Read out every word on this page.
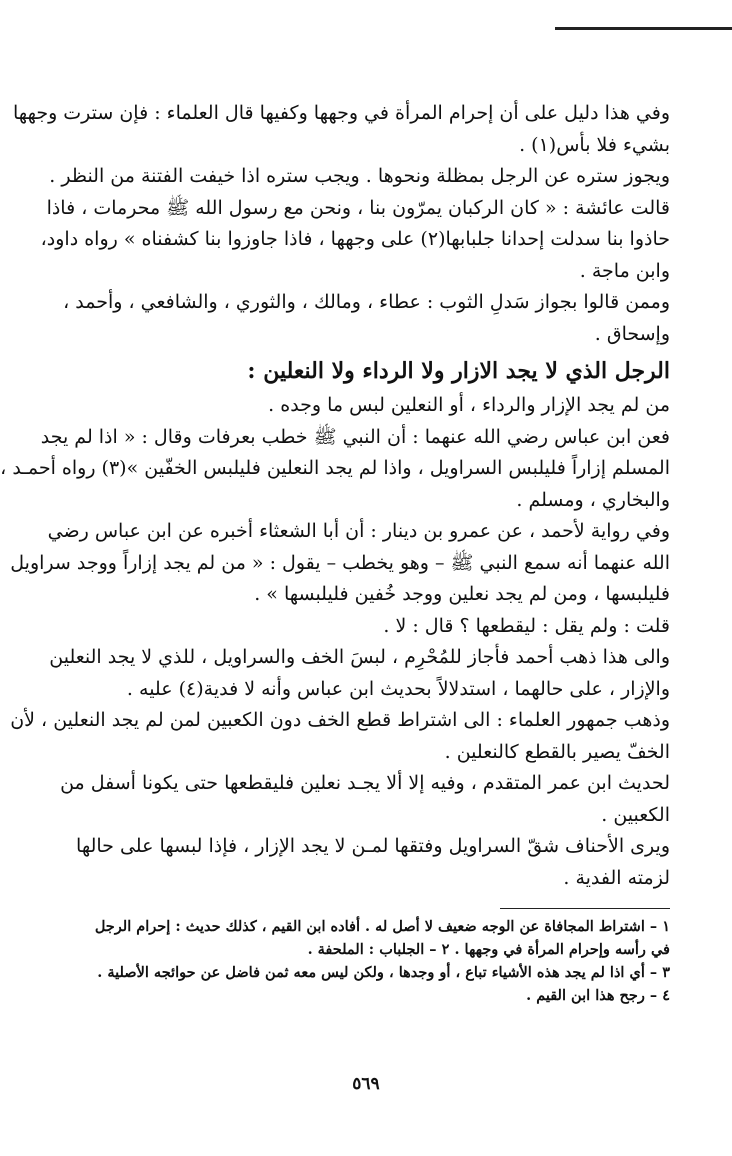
وفي هذا دليل على أن إحرام المرأة في وجهها وكفيها قال العلماء : فإن سترت وجهها
بشيء فلا بأس(١) .
ويجوز ستره عن الرجل بمظلة ونحوها . ويجب ستره اذا خيفت الفتنة من النظر .
قالت عائشة : « كان الركبان يمرّون بنا ، ونحن مع رسول الله ﷺ محرمات ، فاذا
حاذوا بنا سدلت إحدانا جلبابها(٢) على وجهها ، فاذا جاوزوا بنا كشفناه » رواه داود،
وابن ماجة .
وممن قالوا بجواز سَدلِ الثوب : عطاء ، ومالك ، والثوري ، والشافعي ، وأحمد ،
وإسحاق .
الرجل الذي لا يجد الازار ولا الرداء ولا النعلين :
من لم يجد الإزار والرداء ، أو النعلين لبس ما وجده .
فعن ابن عباس رضي الله عنهما : أن النبي ﷺ خطب بعرفات وقال : « اذا لم يجد
المسلم إزاراً فليلبس السراويل ، واذا لم يجد النعلين فليلبس الخفّين »(٣) رواه أحمـد ،
والبخاري ، ومسلم .
وفي رواية لأحمد ، عن عمرو بن دينار : أن أبا الشعثاء أخبره عن ابن عباس رضي
الله عنهما أنه سمع النبي ﷺ – وهو يخطب – يقول : « من لم يجد إزاراً ووجد سراويل
فليلبسها ، ومن لم يجد نعلين ووجد خُفين فليلبسها » .
قلت : ولم يقل : ليقطعها ؟ قال : لا .
والى هذا ذهب أحمد فأجاز للمُحْرِم ، لبسَ الخف والسراويل ، للذي لا يجد النعلين
والإزار ، على حالهما ، استدلالاً بحديث ابن عباس وأنه لا فدية(٤) عليه .
وذهب جمهور العلماء : الى اشتراط قطع الخف دون الكعبين لمن لم يجد النعلين ، لأن
الخفّ يصير بالقطع كالنعلين .
لحديث ابن عمر المتقدم ، وفيه إلا ألا يجـد نعلين فليقطعها حتى يكونا أسفل من
الكعبين .
ويرى الأحناف شقّ السراويل وفتقها لمـن لا يجد الإزار ، فإذا لبسها على حالها
لزمته الفدية .
١ – اشتراط المجافاة عن الوجه ضعيف لا أصل له . أفاده ابن القيم ، كذلك حديث : إحرام الرجل
في رأسه وإحرام المرأة في وجهها . ٢ – الجلباب : الملحفة .
٣ – أي اذا لم يجد هذه الأشياء تباع ، أو وجدها ، ولكن ليس معه ثمن فاضل عن حوائجه الأصلية .
٤ – رجح هذا ابن القيم .
٥٦٩
